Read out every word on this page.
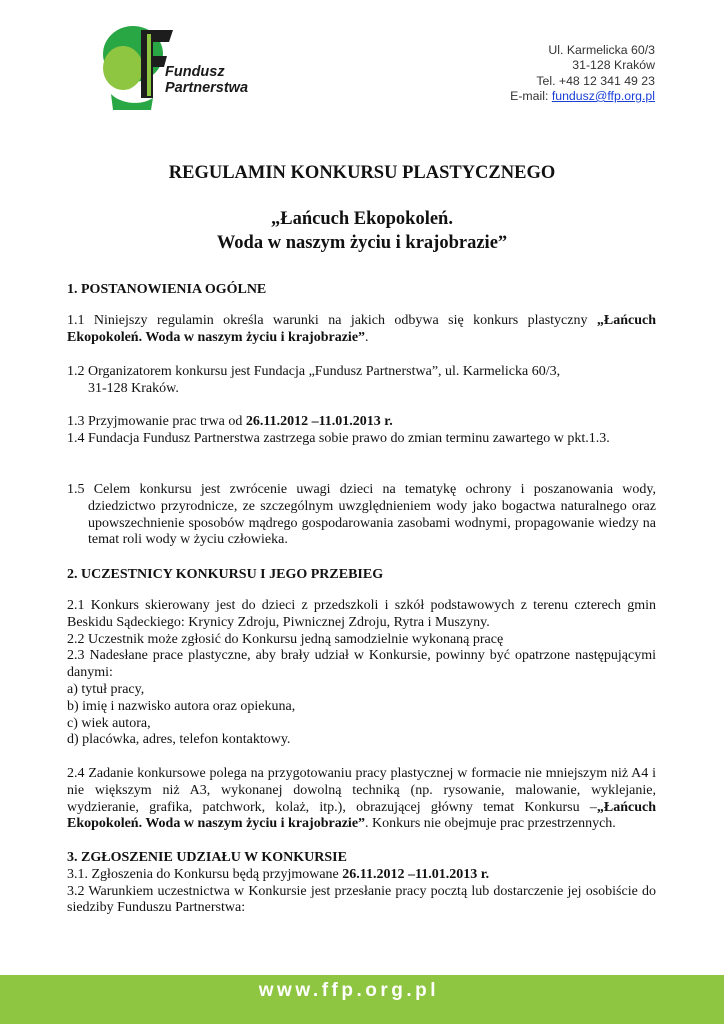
Fundusz
Partnerstwa
Ul. Karmelicka 60/3
31-128 Kraków
Tel. +48 12 341 49 23
E-mail: fundusz@ffp.org.pl
REGULAMIN KONKURSU PLASTYCZNEGO
„Łańcuch Ekopokoleń.
Woda w naszym życiu i krajobrazie”

1. POSTANOWIENIA OGÓLNE

1.1 Niniejszy regulamin określa warunki na jakich odbywa się konkurs plastyczny „Łańcuch Ekopokoleń. Woda w naszym życiu i krajobrazie”.

1.2 Organizatorem konkursu jest Fundacja „Fundusz Partnerstwa”, ul. Karmelicka 60/3,

31-128 Kraków.

1.3 Przyjmowanie prac trwa od 26.11.2012 –11.01.2013 r.

1.4 Fundacja Fundusz Partnerstwa zastrzega sobie prawo do zmian terminu zawartego w pkt.1.3.

1.5 Celem konkursu jest zwrócenie uwagi dzieci na tematykę ochrony i poszanowania wody, dziedzictwo przyrodnicze, ze szczególnym uwzględnieniem wody jako bogactwa naturalnego oraz upowszechnienie sposobów mądrego gospodarowania zasobami wodnymi, propagowanie wiedzy na temat roli wody w życiu człowieka.

2. UCZESTNICY KONKURSU I JEGO PRZEBIEG

2.1 Konkurs skierowany jest do dzieci z przedszkoli i szkół podstawowych z terenu czterech gmin Beskidu Sądeckiego: Krynicy Zdroju, Piwnicznej Zdroju, Rytra i Muszyny.

2.2 Uczestnik może zgłosić do Konkursu jedną samodzielnie wykonaną pracę

2.3 Nadesłane prace plastyczne, aby brały udział w Konkursie, powinny być opatrzone następującymi danymi:

a) tytuł pracy,

b) imię i nazwisko autora oraz opiekuna,

c) wiek autora,

d) placówka, adres, telefon kontaktowy.

2.4 Zadanie konkursowe polega na przygotowaniu pracy plastycznej w formacie nie mniejszym niż A4 i nie większym niż A3, wykonanej dowolną techniką (np. rysowanie, malowanie, wyklejanie, wydzieranie, grafika, patchwork, kolaż, itp.), obrazującej główny temat Konkursu –„Łańcuch Ekopokoleń. Woda w naszym życiu i krajobrazie”. Konkurs nie obejmuje prac przestrzennych.

3. ZGŁOSZENIE UDZIAŁU W KONKURSIE

3.1. Zgłoszenia do Konkursu będą przyjmowane 26.11.2012 –11.01.2013 r.

3.2 Warunkiem uczestnictwa w Konkursie jest przesłanie pracy pocztą lub dostarczenie jej osobiście do siedziby Funduszu Partnerstwa:

www.ffp.org.pl
